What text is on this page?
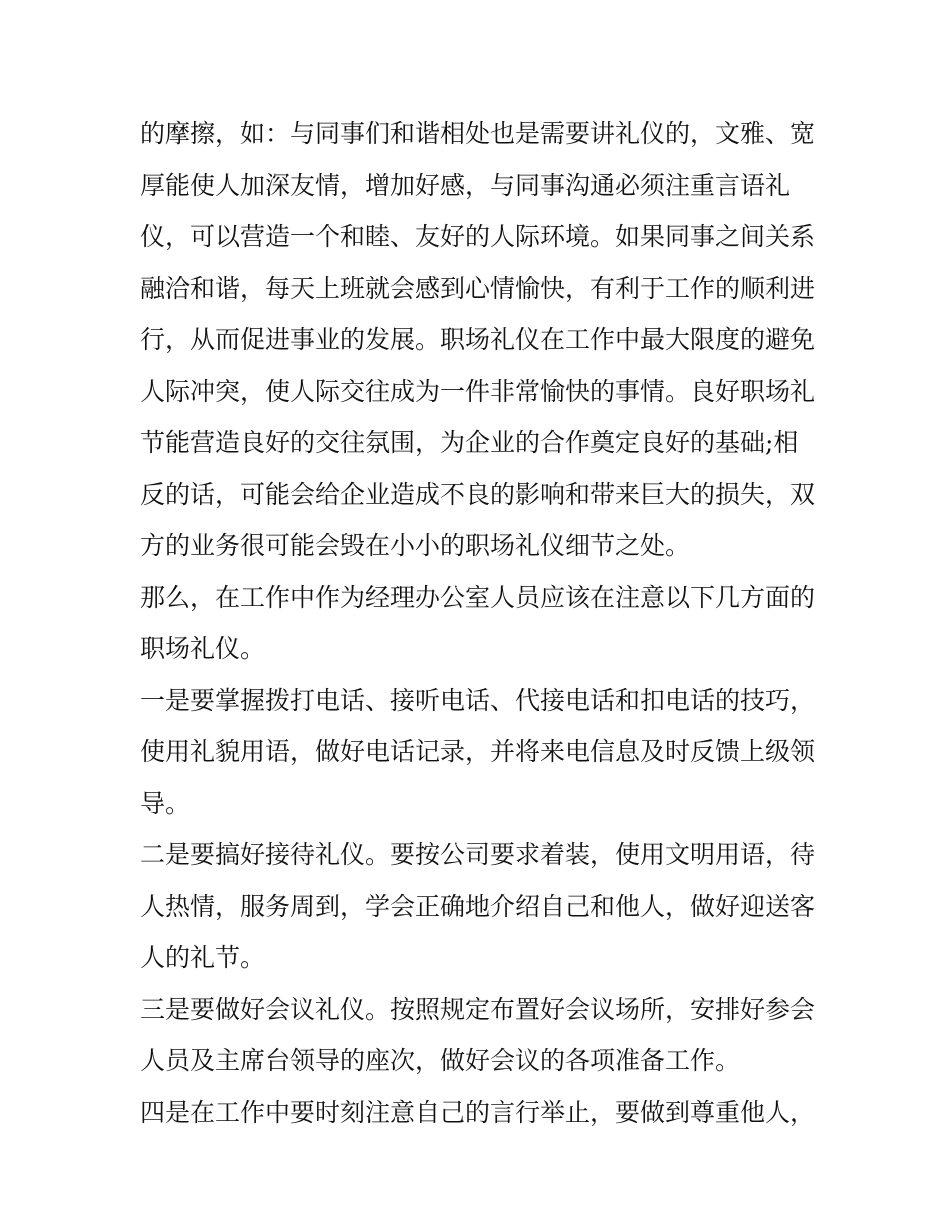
的摩擦，如：与同事们和谐相处也是需要讲礼仪的，文雅、宽
厚能使人加深友情，增加好感，与同事沟通必须注重言语礼
仪，可以营造一个和睦、友好的人际环境。如果同事之间关系
融洽和谐，每天上班就会感到心情愉快，有利于工作的顺利进
行，从而促进事业的发展。职场礼仪在工作中最大限度的避免
人际冲突，使人际交往成为一件非常愉快的事情。良好职场礼
节能营造良好的交往氛围，为企业的合作奠定良好的基础;相
反的话，可能会给企业造成不良的影响和带来巨大的损失，双
方的业务很可能会毁在小小的职场礼仪细节之处。
那么，在工作中作为经理办公室人员应该在注意以下几方面的
职场礼仪。
一是要掌握拨打电话、接听电话、代接电话和扣电话的技巧，
使用礼貌用语，做好电话记录，并将来电信息及时反馈上级领
导。
二是要搞好接待礼仪。要按公司要求着装，使用文明用语，待
人热情，服务周到，学会正确地介绍自己和他人，做好迎送客
人的礼节。
三是要做好会议礼仪。按照规定布置好会议场所，安排好参会
人员及主席台领导的座次，做好会议的各项准备工作。
四是在工作中要时刻注意自己的言行举止，要做到尊重他人，
